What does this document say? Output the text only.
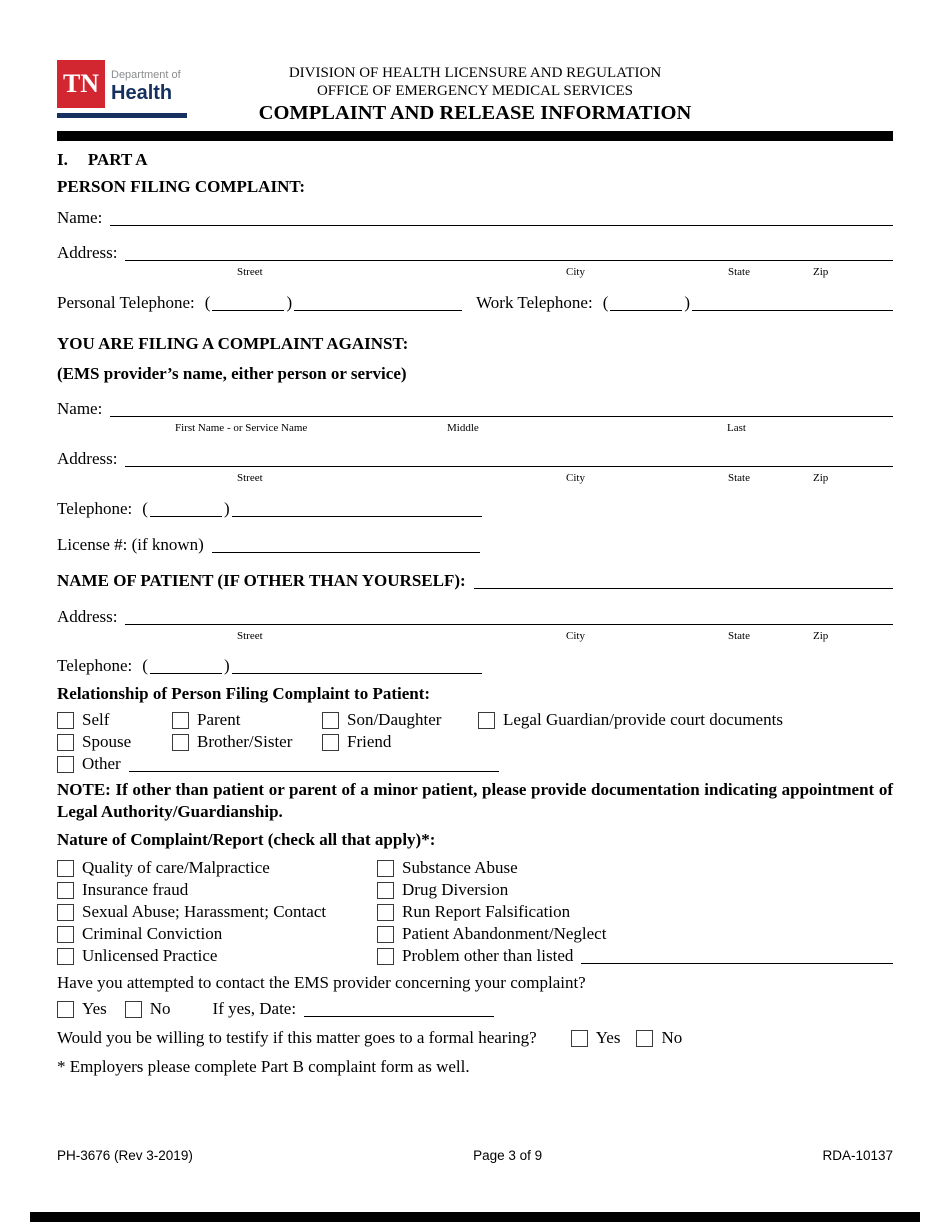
TN Department of
Health
DIVISION OF HEALTH LICENSURE AND REGULATION
OFFICE OF EMERGENCY MEDICAL SERVICES
COMPLAINT AND RELEASE INFORMATION
I. PART A
PERSON FILING COMPLAINT:
Name:
Address:
Street	City	State	Zip
Personal Telephone: (	)	Work Telephone: (	)
YOU ARE FILING A COMPLAINT AGAINST:
(EMS provider’s name, either person or service)
Name:
First Name - or Service Name	Middle	Last
Address:
Street	City	State	Zip
Telephone: (	)
License #: (if known)
NAME OF PATIENT (IF OTHER THAN YOURSELF):
Address:
Street	City	State	Zip
Telephone: (	)
Relationship of Person Filing Complaint to Patient:
Self	Parent	Son/Daughter	Legal Guardian/provide court documents
Spouse	Brother/Sister	Friend
Other
NOTE: If other than patient or parent of a minor patient, please provide documentation indicating appointment of Legal Authority/Guardianship.
Nature of Complaint/Report (check all that apply)*:
Quality of care/Malpractice	Substance Abuse
Insurance fraud	Drug Diversion
Sexual Abuse; Harassment; Contact	Run Report Falsification
Criminal Conviction	Patient Abandonment/Neglect
Unlicensed Practice	Problem other than listed
Have you attempted to contact the EMS provider concerning your complaint?
Yes	No If yes, Date:
Would you be willing to testify if this matter goes to a formal hearing?	Yes No
* Employers please complete Part B complaint form as well.
PH-3676 (Rev 3-2019)	Page 3 of 9	RDA-10137
